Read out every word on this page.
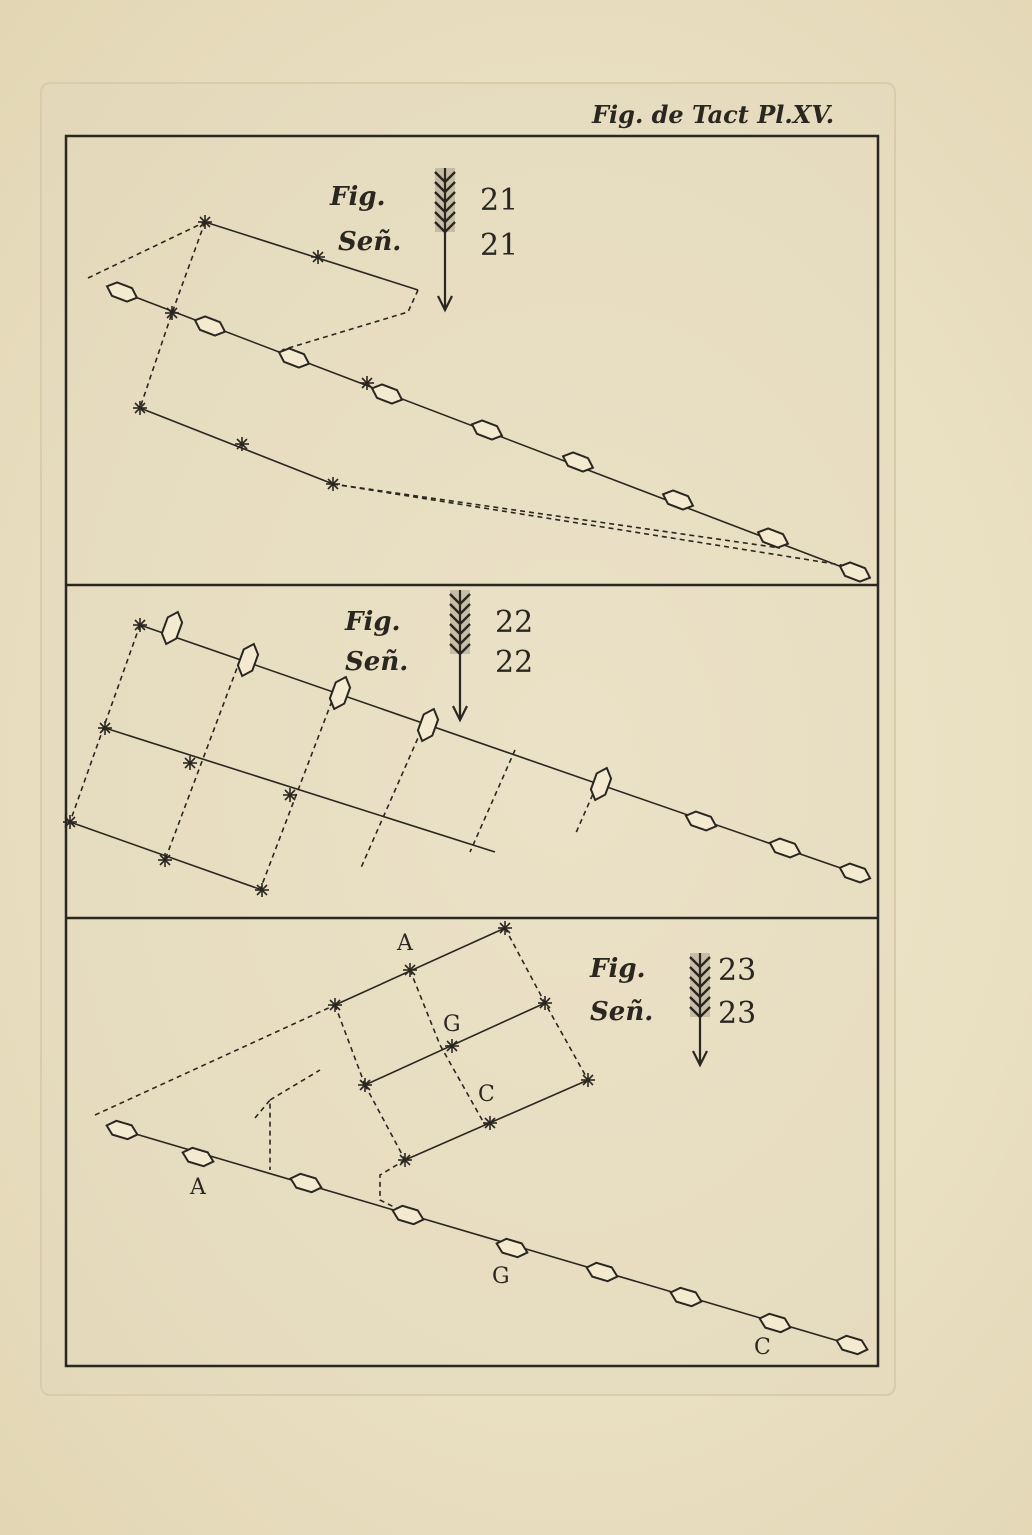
Fig. de Tact Pl.XV.
Fig.
Señ.
21
21
Fig.
Señ.
22
22
Fig.
Señ.
23
23
A
G
C
A
G
C
